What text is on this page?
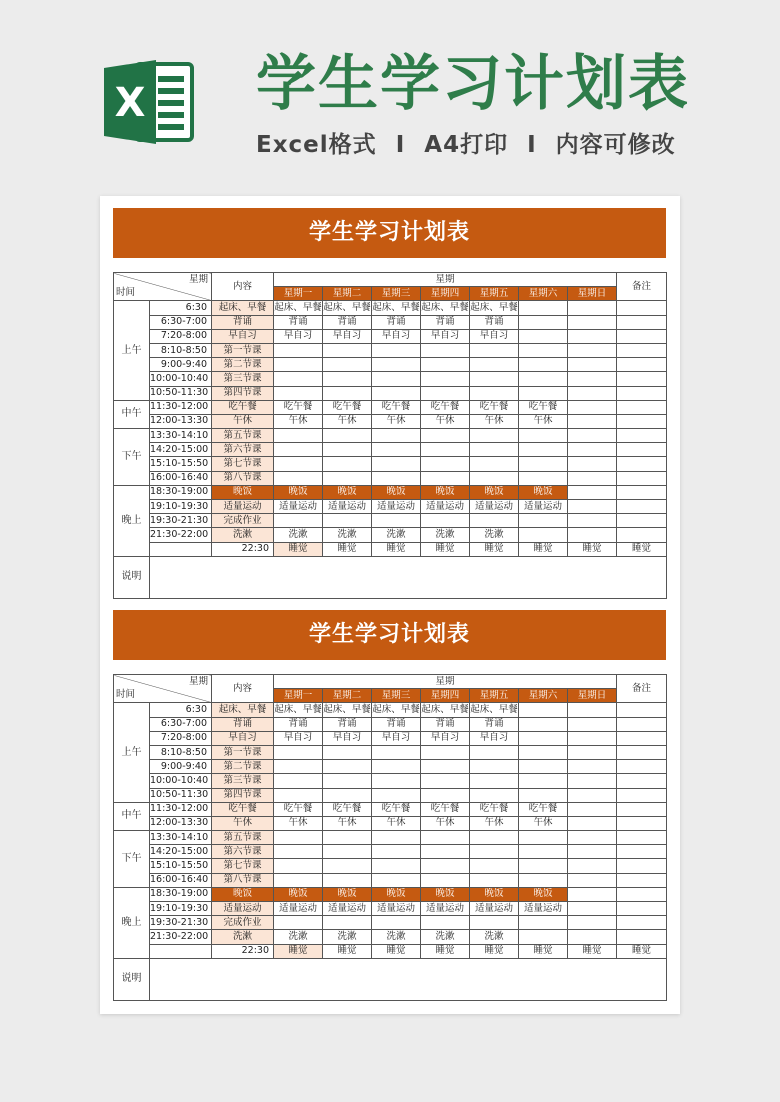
X 学生学习计划表
Excel格式 I A4打印 I 内容可修改
学生学习计划表
星期
时间		内容	星期							备注	
			星期一	星期二	星期三	星期四	星期五	星期六	星期日		
上午	6:30	起床、早餐	起床、早餐	起床、早餐	起床、早餐	起床、早餐	起床、早餐				
	6:30-7:00	背诵	背诵	背诵	背诵	背诵	背诵				
	7:20-8:00	早自习	早自习	早自习	早自习	早自习	早自习				
	8:10-8:50	第一节课									
	9:00-9:40	第二节课									
	10:00-10:40	第三节课									
	10:50-11:30	第四节课									
中午	11:30-12:00	吃午餐	吃午餐	吃午餐	吃午餐	吃午餐	吃午餐	吃午餐			
	12:00-13:30	午休	午休	午休	午休	午休	午休	午休			
下午	13:30-14:10	第五节课									
	14:20-15:00	第六节课									
	15:10-15:50	第七节课									
	16:00-16:40	第八节课									
晚上	18:30-19:00	晚饭	晚饭	晚饭	晚饭	晚饭	晚饭	晚饭			
	19:10-19:30	适量运动	适量运动	适量运动	适量运动	适量运动	适量运动	适量运动			
	19:30-21:30	完成作业									
	21:30-22:00	洗漱	洗漱	洗漱	洗漱	洗漱	洗漱				
		22:30	睡觉	睡觉	睡觉	睡觉	睡觉	睡觉	睡觉	睡觉	
说明											
学生学习计划表
星期
时间		内容	星期							备注	
			星期一	星期二	星期三	星期四	星期五	星期六	星期日		
上午	6:30	起床、早餐	起床、早餐	起床、早餐	起床、早餐	起床、早餐	起床、早餐				
	6:30-7:00	背诵	背诵	背诵	背诵	背诵	背诵				
	7:20-8:00	早自习	早自习	早自习	早自习	早自习	早自习				
	8:10-8:50	第一节课									
	9:00-9:40	第二节课									
	10:00-10:40	第三节课									
	10:50-11:30	第四节课									
中午	11:30-12:00	吃午餐	吃午餐	吃午餐	吃午餐	吃午餐	吃午餐	吃午餐			
	12:00-13:30	午休	午休	午休	午休	午休	午休	午休			
下午	13:30-14:10	第五节课									
	14:20-15:00	第六节课									
	15:10-15:50	第七节课									
	16:00-16:40	第八节课									
晚上	18:30-19:00	晚饭	晚饭	晚饭	晚饭	晚饭	晚饭	晚饭			
	19:10-19:30	适量运动	适量运动	适量运动	适量运动	适量运动	适量运动	适量运动			
	19:30-21:30	完成作业									
	21:30-22:00	洗漱	洗漱	洗漱	洗漱	洗漱	洗漱				
		22:30	睡觉	睡觉	睡觉	睡觉	睡觉	睡觉	睡觉	睡觉	
说明											
